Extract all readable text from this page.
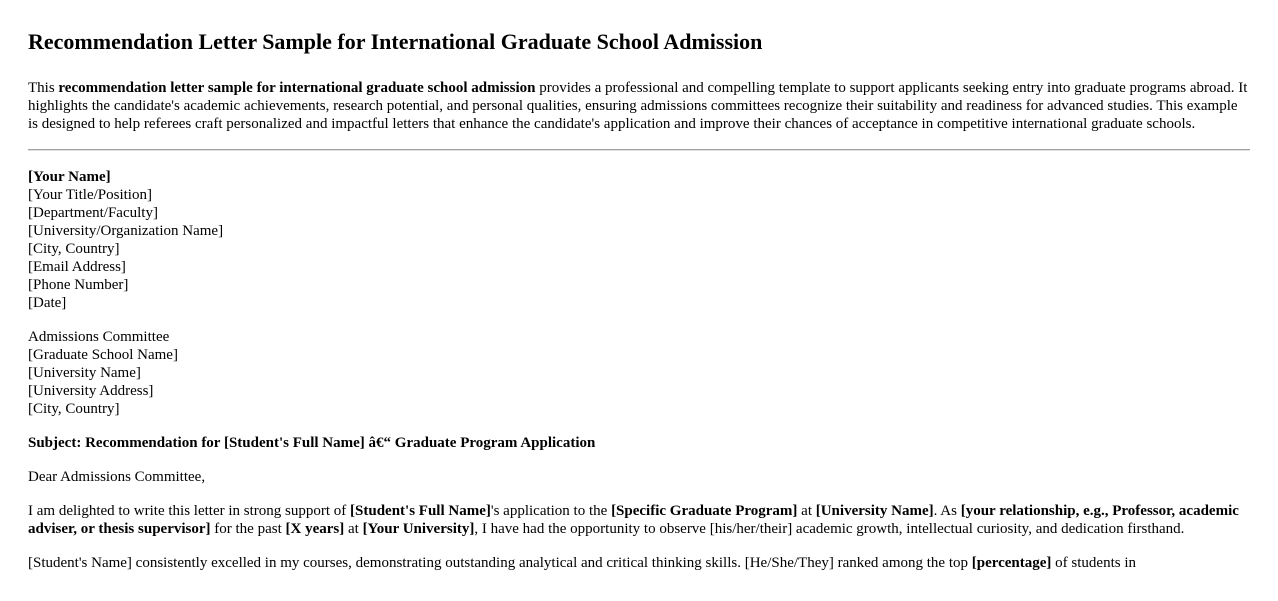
Recommendation Letter Sample for International Graduate School Admission

This recommendation letter sample for international graduate school admission provides a professional and compelling template to support applicants seeking entry into graduate programs abroad. It highlights the candidate's academic achievements, research potential, and personal qualities, ensuring admissions committees recognize their suitability and readiness for advanced studies. This example is designed to help referees craft personalized and impactful letters that enhance the candidate's application and improve their chances of acceptance in competitive international graduate schools.

[Your Name]
[Your Title/Position]
[Department/Faculty]
[University/Organization Name]
[City, Country]
[Email Address]
[Phone Number]
[Date]
Admissions Committee
[Graduate School Name]
[University Name]
[University Address]
[City, Country]

Subject: Recommendation for [Student's Full Name] â€“ Graduate Program Application

Dear Admissions Committee,

I am delighted to write this letter in strong support of [Student's Full Name]'s application to the [Specific Graduate Program] at [University Name]. As [your relationship, e.g., Professor, academic adviser, or thesis supervisor] for the past [X years] at [Your University], I have had the opportunity to observe [his/her/their] academic growth, intellectual curiosity, and dedication firsthand.

[Student's Name] consistently excelled in my courses, demonstrating outstanding analytical and critical thinking skills. [He/She/They] ranked among the top [percentage] of students in
